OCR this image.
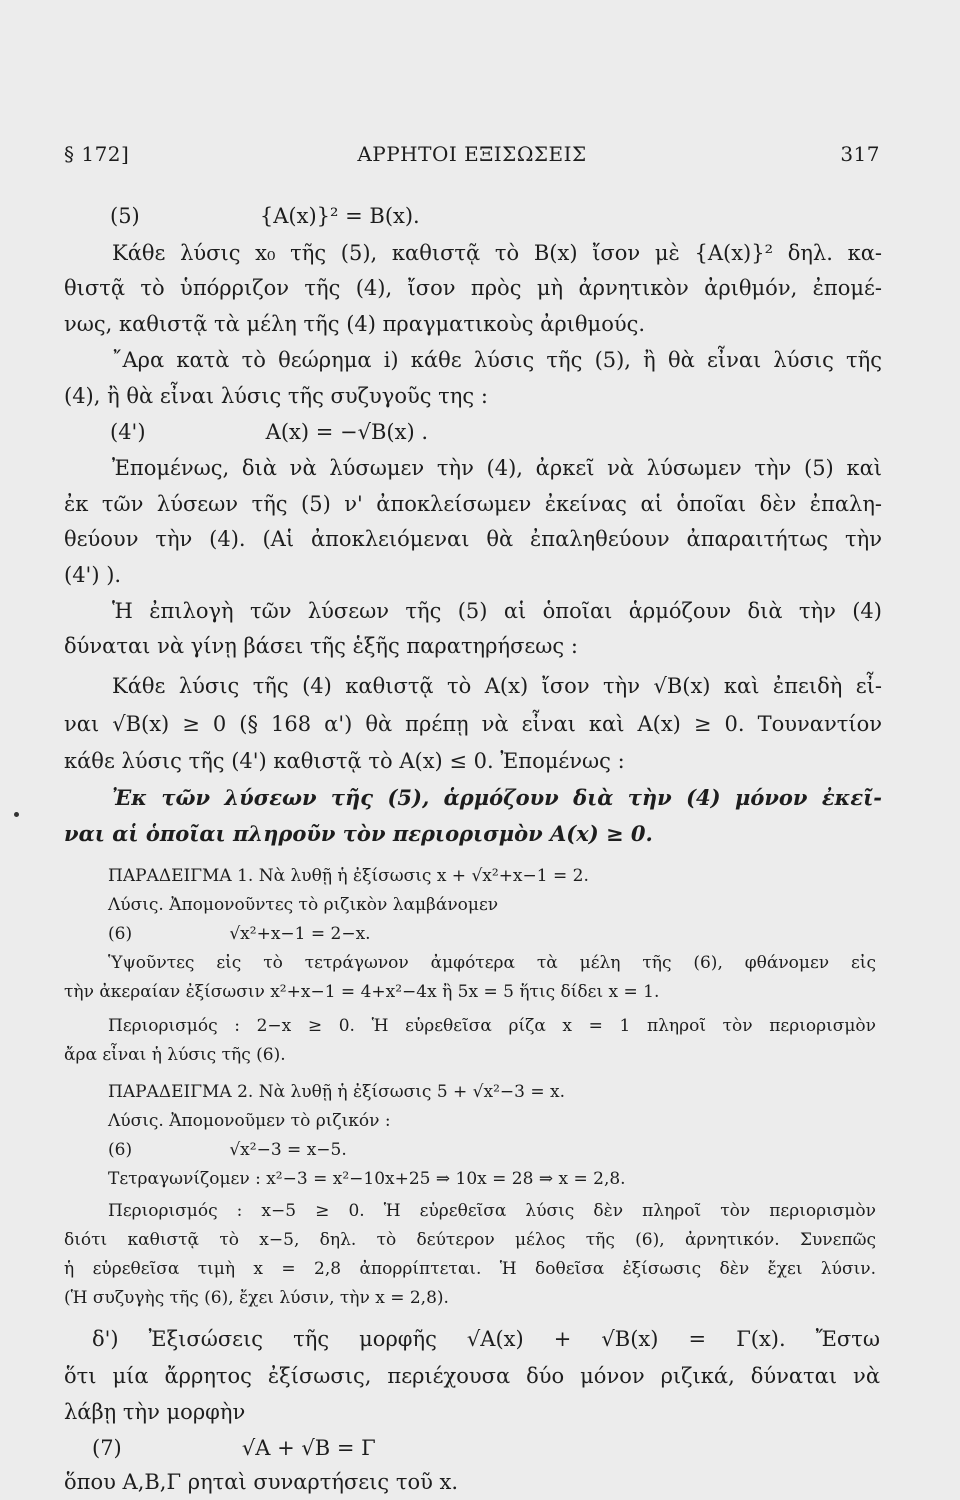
§ 172]	ΑΡΡΗΤΟΙ ΕΞΙΣΩΣΕΙΣ	317
(5)                  {A(x)}² = B(x).
Κάθε λύσις x₀ τῆς (5), καθιστᾷ τὸ B(x) ἴσον μὲ {A(x)}² δηλ. κα-
θιστᾷ τὸ ὑπόρριζον τῆς (4), ἴσον πρὸς μὴ ἀρνητικὸν ἀριθμόν, ἐπομέ-
νως, καθιστᾷ τὰ μέλη τῆς (4) πραγματικοὺς ἀριθμούς.
῎Αρα κατὰ τὸ θεώρημα i) κάθε λύσις τῆς (5), ἢ θὰ εἶναι λύσις τῆς
(4), ἢ θὰ εἶναι λύσις τῆς συζυγοῦς της :
(4')                  A(x) = −√B(x) .
Ἐπομένως, διὰ νὰ λύσωμεν τὴν (4), ἀρκεῖ νὰ λύσωμεν τὴν (5) καὶ
ἐκ τῶν λύσεων τῆς (5) ν' ἀποκλείσωμεν ἐκείνας αἱ ὁποῖαι δὲν ἐπαλη-
θεύουν τὴν (4). (Αἱ ἀποκλειόμεναι θὰ ἐπαληθεύουν ἀπαραιτήτως τὴν
(4') ).
Ἡ ἐπιλογὴ τῶν λύσεων τῆς (5) αἱ ὁποῖαι ἁρμόζουν διὰ τὴν (4)
δύναται νὰ γίνῃ βάσει τῆς ἑξῆς παρατηρήσεως :
Κάθε λύσις τῆς (4) καθιστᾷ τὸ A(x) ἴσον τὴν √B(x) καὶ ἐπειδὴ εἶ-
ναι √B(x) ≥ 0 (§ 168 α') θὰ πρέπῃ νὰ εἶναι καὶ A(x) ≥ 0. Τουναντίον
κάθε λύσις τῆς (4') καθιστᾷ τὸ A(x) ≤ 0. Ἐπομένως :
Ἐκ τῶν λύσεων τῆς (5), ἁρμόζουν διὰ τὴν (4) μόνον ἐκεῖ-
ναι αἱ ὁποῖαι πληροῦν τὸν περιορισμὸν A(x) ≥ 0.
ΠΑΡΑΔΕΙΓΜΑ 1. Νὰ λυθῇ ἡ ἐξίσωσις x + √x²+x−1 = 2.
Λύσις. Ἀπομονοῦντες τὸ ριζικὸν λαμβάνομεν
(6)                  √x²+x−1 = 2−x.
Ὑψοῦντες εἰς τὸ τετράγωνον ἀμφότερα τὰ μέλη τῆς (6), φθάνομεν εἰς
τὴν ἀκεραίαν ἐξίσωσιν x²+x−1 = 4+x²−4x ἢ 5x = 5 ἥτις δίδει x = 1.
Περιορισμός : 2−x ≥ 0. Ἡ εὑρεθεῖσα ρίζα x = 1 πληροῖ τὸν περιορισμὸν
ἄρα εἶναι ἡ λύσις τῆς (6).
ΠΑΡΑΔΕΙΓΜΑ 2. Νὰ λυθῇ ἡ ἐξίσωσις 5 + √x²−3 = x.
Λύσις. Ἀπομονοῦμεν τὸ ριζικόν :
(6)                  √x²−3 = x−5.
Τετραγωνίζομεν : x²−3 = x²−10x+25 ⇒ 10x = 28 ⇒ x = 2,8.
Περιορισμός : x−5 ≥ 0. Ἡ εὑρεθεῖσα λύσις δὲν πληροῖ τὸν περιορισμὸν
διότι καθιστᾷ τὸ x−5, δηλ. τὸ δεύτερον μέλος τῆς (6), ἀρνητικόν. Συνεπῶς
ἡ εὑρεθεῖσα τιμὴ x = 2,8 ἀπορρίπτεται. Ἡ δοθεῖσα ἐξίσωσις δὲν ἔχει λύσιν.
(Ἡ συζυγὴς τῆς (6), ἔχει λύσιν, τὴν x = 2,8).
δ') Ἐξισώσεις τῆς μορφῆς √A(x) + √B(x) = Γ(x). Ἔστω
ὅτι μία ἄρρητος ἐξίσωσις, περιέχουσα δύο μόνον ριζικά, δύναται νὰ
λάβῃ τὴν μορφὴν
(7)                  √A + √B = Γ
ὅπου A,B,Γ ρηταὶ συναρτήσεις τοῦ x.
